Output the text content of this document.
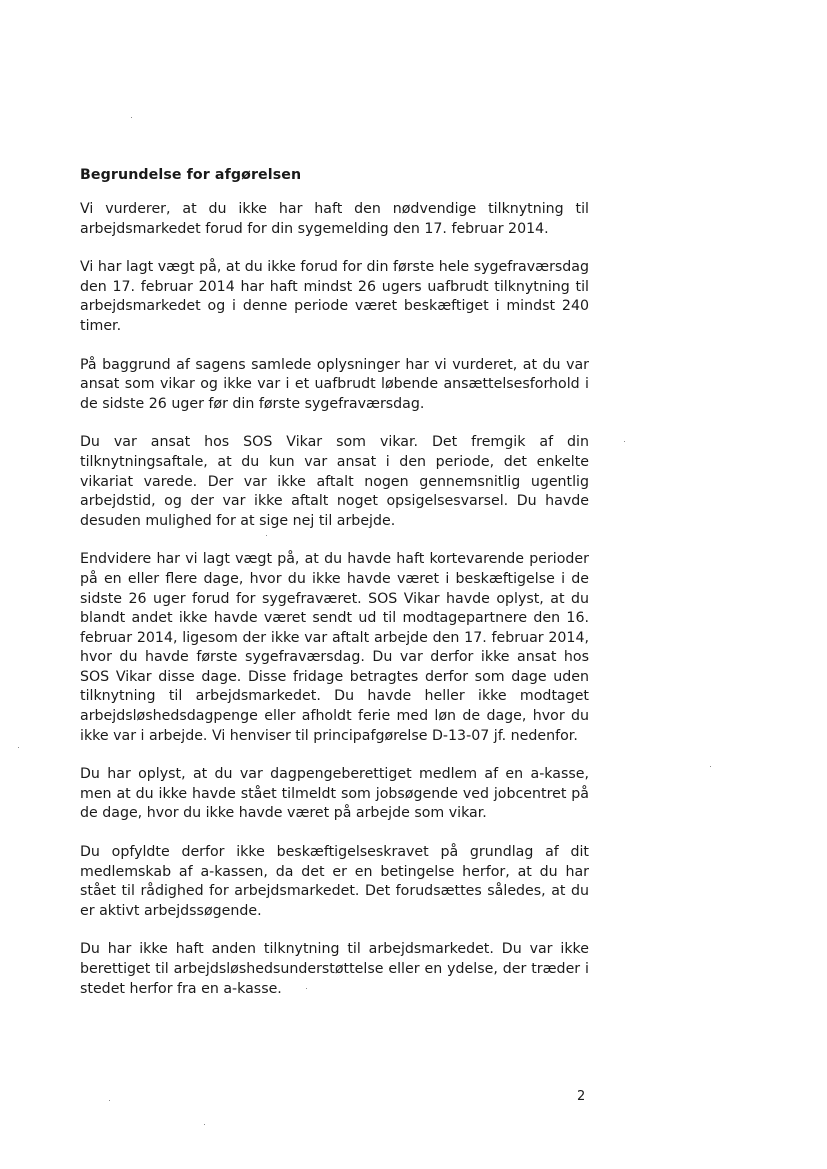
Begrundelse for afgørelsen

Vi vurderer, at du ikke har haft den nødvendige tilknytning til arbejdsmarkedet forud for din sygemelding den 17. februar 2014.

Vi har lagt vægt på, at du ikke forud for din første hele sygefraværsdag den 17. februar 2014 har haft mindst 26 ugers uafbrudt tilknytning til arbejdsmarkedet og i denne periode været beskæftiget i mindst 240 timer.

På baggrund af sagens samlede oplysninger har vi vurderet, at du var ansat som vikar og ikke var i et uafbrudt løbende ansættelsesforhold i de sidste 26 uger før din første sygefraværsdag.

Du var ansat hos SOS Vikar som vikar. Det fremgik af din tilknytningsaftale, at du kun var ansat i den periode, det enkelte vikariat varede. Der var ikke aftalt nogen gennemsnitlig ugentlig arbejdstid, og der var ikke aftalt noget opsigelsesvarsel. Du havde desuden mulighed for at sige nej til arbejde.

Endvidere har vi lagt vægt på, at du havde haft kortevarende perioder på en eller flere dage, hvor du ikke havde været i beskæftigelse i de sidste 26 uger forud for sygefraværet. SOS Vikar havde oplyst, at du blandt andet ikke havde været sendt ud til modtagepartnere den 16. februar 2014, ligesom der ikke var aftalt arbejde den 17. februar 2014, hvor du havde første sygefraværsdag. Du var derfor ikke ansat hos SOS Vikar disse dage. Disse fridage betragtes derfor som dage uden tilknytning til arbejdsmarkedet. Du havde heller ikke modtaget arbejdsløshedsdagpenge eller afholdt ferie med løn de dage, hvor du ikke var i arbejde. Vi henviser til principafgørelse D-13-07 jf. nedenfor.

Du har oplyst, at du var dagpengeberettiget medlem af en a-kasse, men at du ikke havde stået tilmeldt som jobsøgende ved jobcentret på de dage, hvor du ikke havde været på arbejde som vikar.

Du opfyldte derfor ikke beskæftigelseskravet på grundlag af dit medlemskab af a-kassen, da det er en betingelse herfor, at du har stået til rådighed for arbejdsmarkedet. Det forudsættes således, at du er aktivt arbejdssøgende.

Du har ikke haft anden tilknytning til arbejdsmarkedet. Du var ikke berettiget til arbejdsløshedsunderstøttelse eller en ydelse, der træder i stedet herfor fra en a-kasse.

2
